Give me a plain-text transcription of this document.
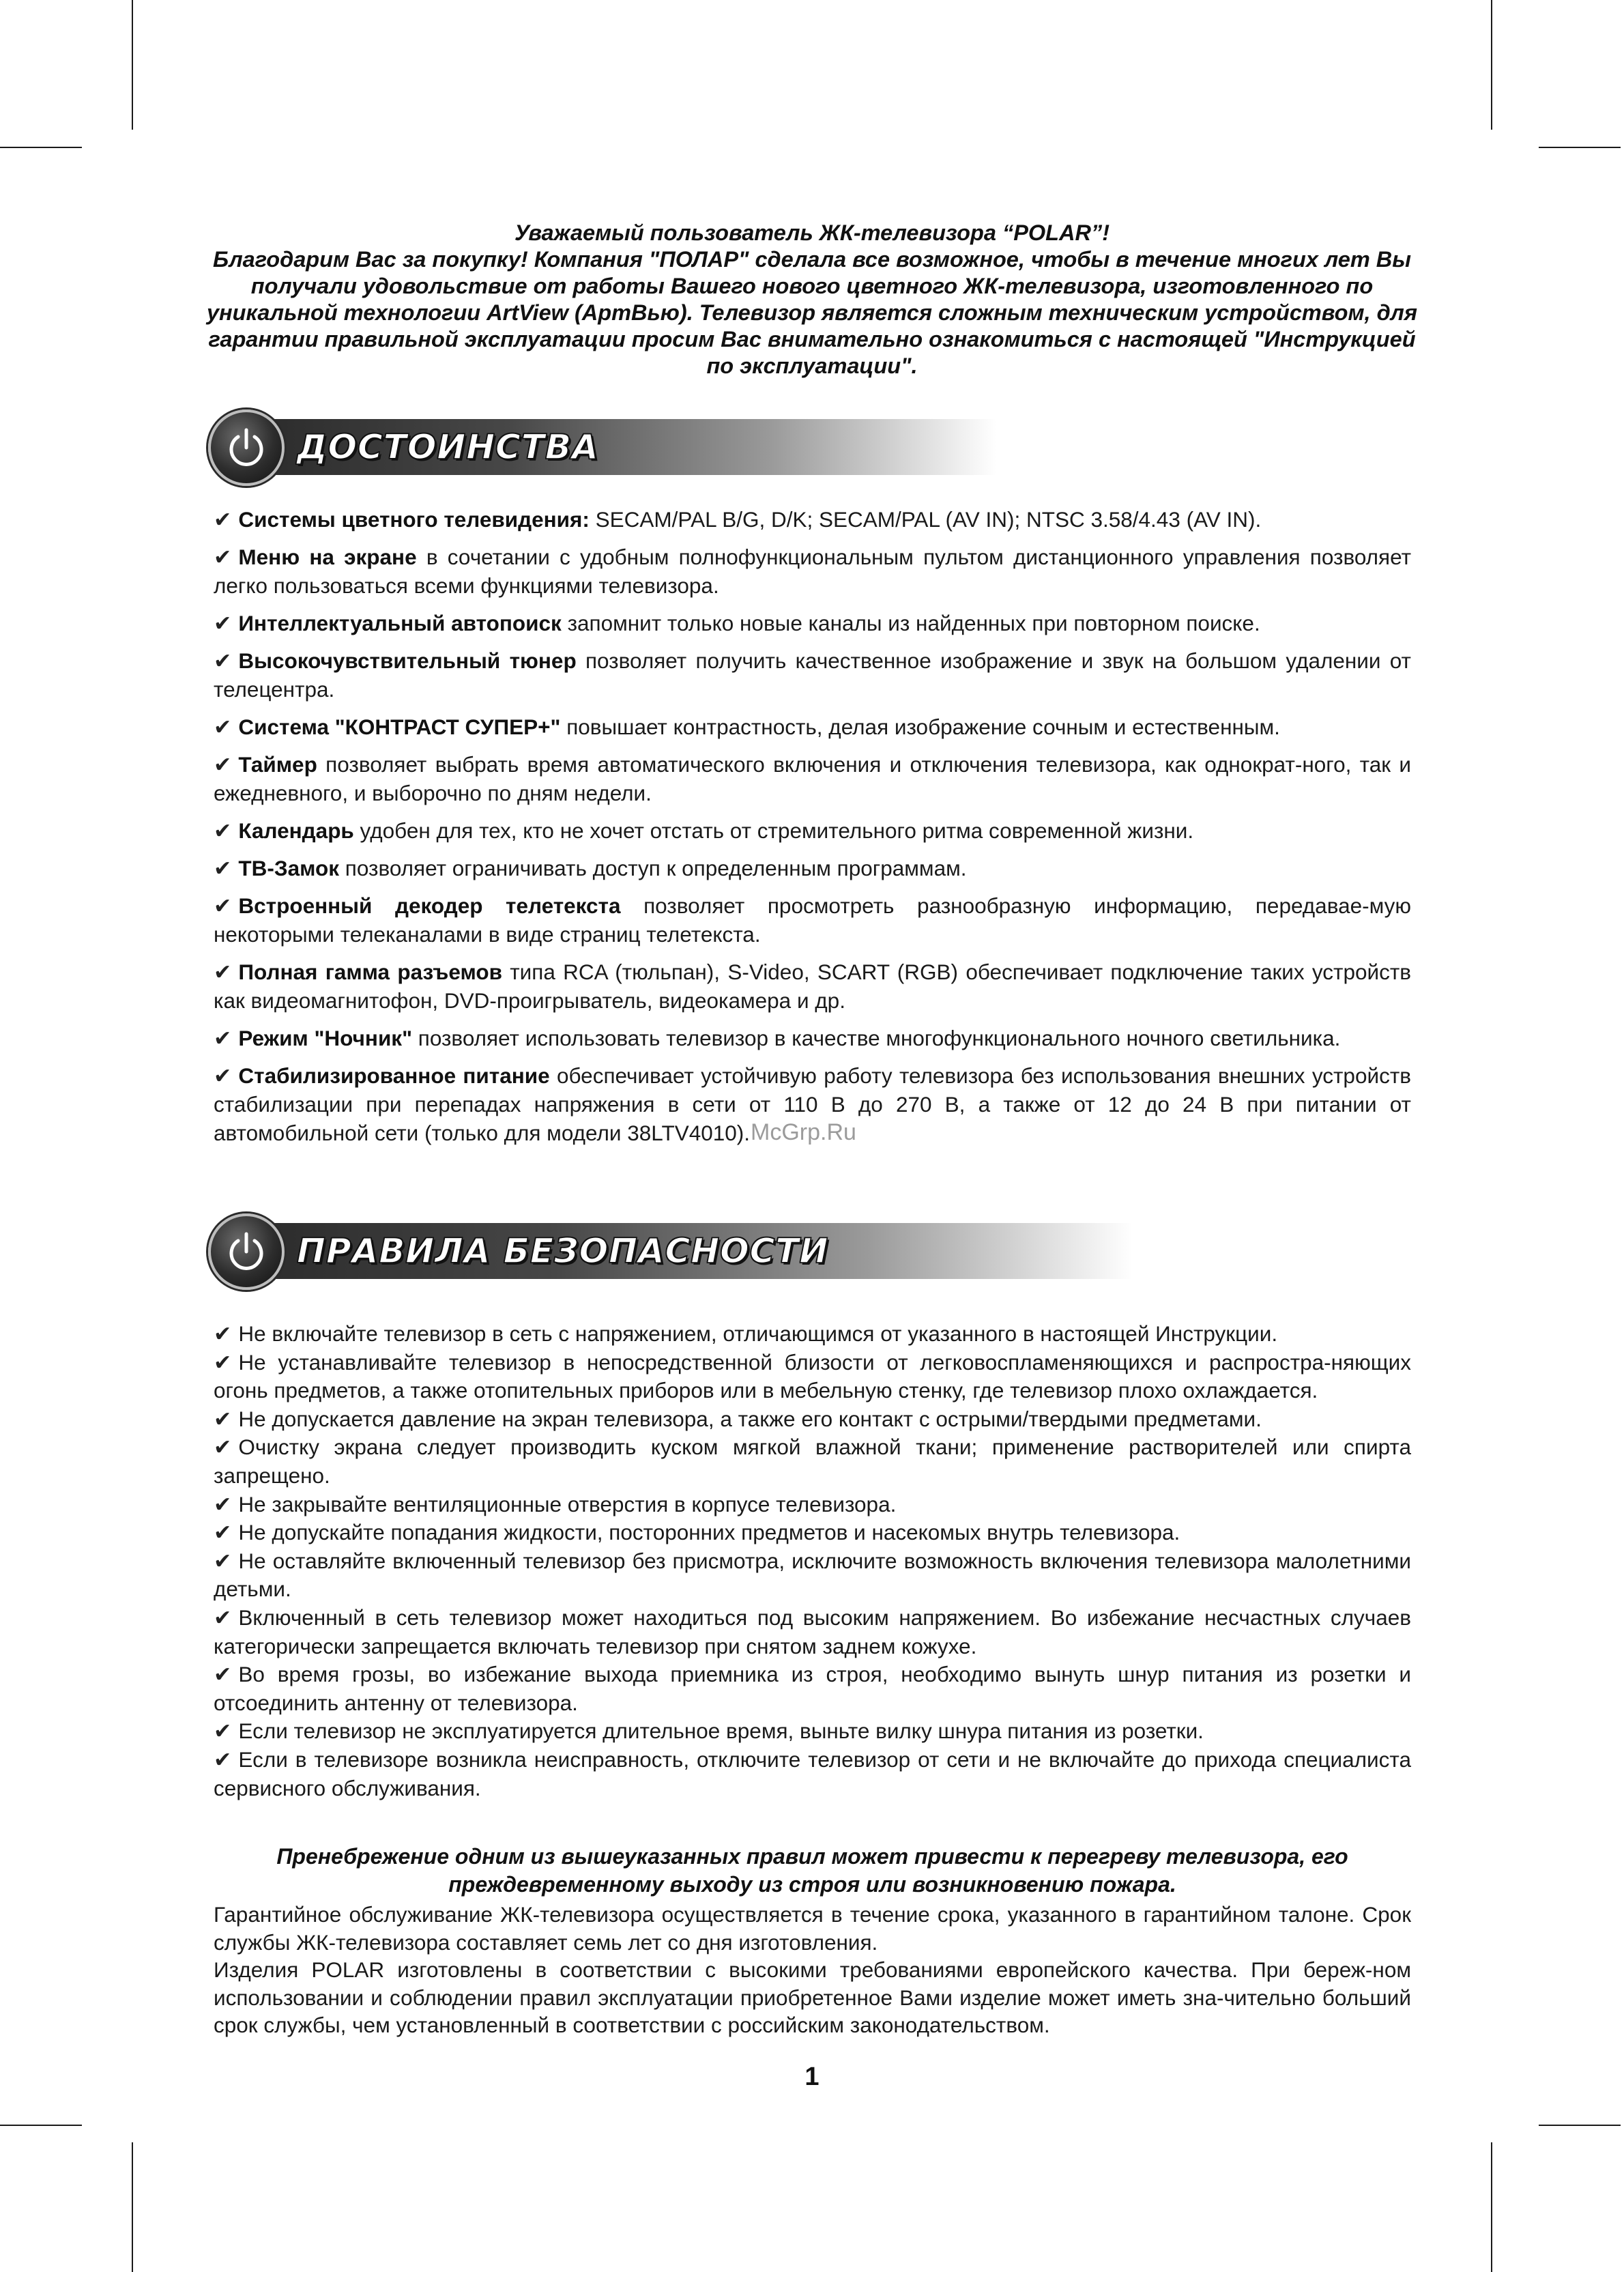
Уважаемый пользователь ЖК-телевизора “POLAR”!

Благодарим Вас за покупку! Компания "ПОЛАР" сделала все возможное, чтобы в течение многих лет Вы получали удовольствие от работы Вашего нового цветного ЖК-телевизора, изготовленного по уникальной технологии ArtView (АртВью). Телевизор является сложным техническим устройством, для гарантии правильной эксплуатации просим Вас внимательно ознакомиться с настоящей "Инструкцией по эксплуатации".

ДОСТОИНСТВА

✔ Системы цветного телевидения: SECAM/PAL B/G, D/K; SECAM/PAL (AV IN); NTSC 3.58/4.43 (AV IN).

✔ Меню на экране в сочетании с удобным полнофункциональным пультом дистанционного управления позволяет легко пользоваться всеми функциями телевизора.

✔ Интеллектуальный автопоиск запомнит только новые каналы из найденных при повторном поиске.

✔ Высокочувствительный тюнер позволяет получить качественное изображение и звук на большом удалении от телецентра.

✔ Система "КОНТРАСТ СУПЕР+" повышает контрастность, делая изображение сочным и естественным.

✔ Таймер позволяет выбрать время автоматического включения и отключения телевизора, как однократ-ного, так и ежедневного, и выборочно по дням недели.

✔ Календарь удобен для тех, кто не хочет отстать от стремительного ритма современной жизни.

✔ ТВ-Замок позволяет ограничивать доступ к определенным программам.

✔ Встроенный декодер телетекста позволяет просмотреть разнообразную информацию, передавае-мую некоторыми телеканалами в виде страниц телетекста.

✔ Полная гамма разъемов типа RCA (тюльпан), S-Video, SCART (RGB) обеспечивает подключение таких устройств как видеомагнитофон, DVD-проигрыватель, видеокамера и др.

✔ Режим "Ночник" позволяет использовать телевизор в качестве многофункционального ночного светильника.

✔ Стабилизированное питание обеспечивает устойчивую работу телевизора без использования внешних устройств стабилизации при перепадах напряжения в сети от 110 В до 270 В, а также от 12 до 24 В при питании от автомобильной сети (только для модели 38LTV4010).

ПРАВИЛА БЕЗОПАСНОСТИ

✔ Не включайте телевизор в сеть с напряжением, отличающимся от указанного в настоящей Инструкции.

✔ Не устанавливайте телевизор в непосредственной близости от легковоспламеняющихся и распростра-няющих огонь предметов, а также отопительных приборов или в мебельную стенку, где телевизор плохо охлаждается.

✔ Не допускается давление на экран телевизора, а также его контакт с острыми/твердыми предметами.

✔ Очистку экрана следует производить куском мягкой влажной ткани; применение растворителей или спирта запрещено.

✔ Не закрывайте вентиляционные отверстия в корпусе телевизора.

✔ Не допускайте попадания жидкости, посторонних предметов и насекомых внутрь телевизора.

✔ Не оставляйте включенный телевизор без присмотра, исключите возможность включения телевизора малолетними детьми.

✔ Включенный в сеть телевизор может находиться под высоким напряжением. Во избежание несчастных случаев категорически запрещается включать телевизор при снятом заднем кожухе.

✔ Во время грозы, во избежание выхода приемника из строя, необходимо вынуть шнур питания из розетки и отсоединить антенну от телевизора.

✔ Если телевизор не эксплуатируется длительное время, выньте вилку шнура питания из розетки.

✔ Если в телевизоре возникла неисправность, отключите телевизор от сети и не включайте до прихода специалиста сервисного обслуживания.

Пренебрежение одним из вышеуказанных правил может привести к перегреву телевизора, его преждевременному выходу из строя или возникновению пожара.

Гарантийное обслуживание ЖК-телевизора осуществляется в течение срока, указанного в гарантийном талоне. Срок службы ЖК-телевизора составляет семь лет со дня изготовления.

Изделия POLAR изготовлены в соответствии с высокими требованиями европейского качества. При береж-ном использовании и соблюдении правил эксплуатации приобретенное Вами изделие может иметь зна-чительно больший срок службы, чем установленный в соответствии с российским законодательством.

McGrp.Ru
1
